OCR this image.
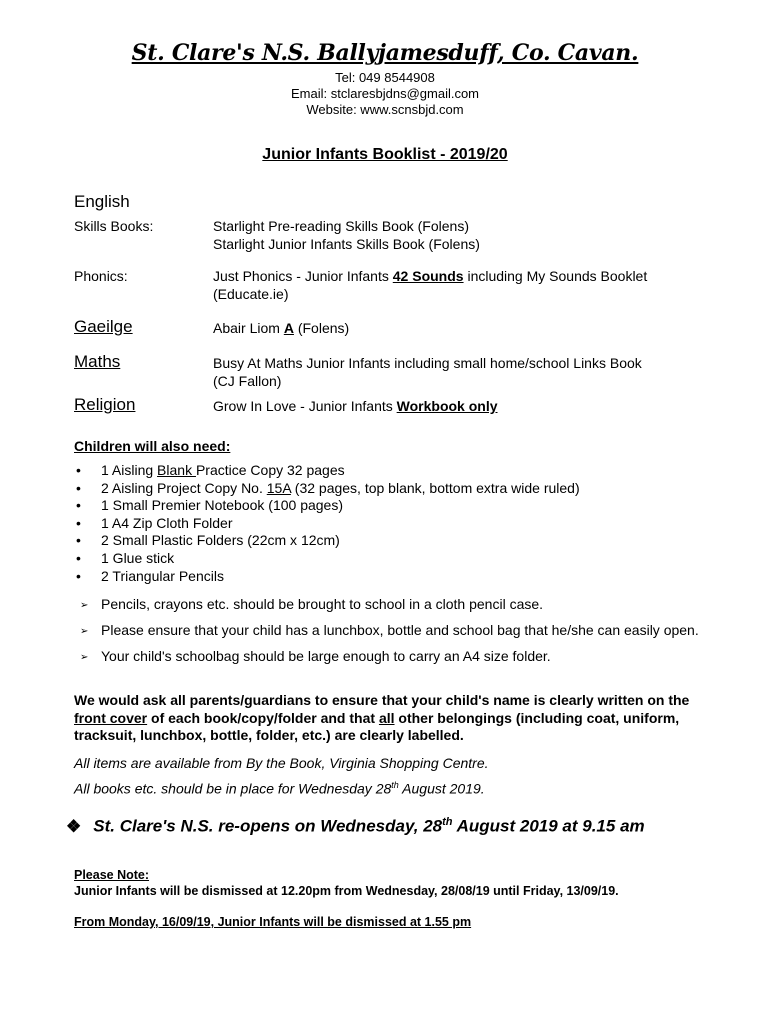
St. Clare's N.S. Ballyjamesduff, Co. Cavan.
Tel: 049 8544908
Email: stclaresbjdns@gmail.com
Website: www.scnsbjd.com
Junior Infants Booklist - 2019/20
English
Skills Books:	Starlight Pre-reading Skills Book (Folens)
Starlight Junior Infants Skills Book (Folens)
Phonics:	Just Phonics - Junior Infants 42 Sounds including My Sounds Booklet
(Educate.ie)
Gaeilge	Abair Liom A (Folens)
Maths	Busy At Maths Junior Infants including small home/school Links Book
(CJ Fallon)
Religion	Grow In Love - Junior Infants Workbook only
Children will also need:
• 1 Aisling Blank Practice Copy 32 pages
• 2 Aisling Project Copy No. 15A (32 pages, top blank, bottom extra wide ruled)
• 1 Small Premier Notebook (100 pages)
• 1 A4 Zip Cloth Folder
• 2 Small Plastic Folders (22cm x 12cm)
• 1 Glue stick
• 2 Triangular Pencils
➢ Pencils, crayons etc. should be brought to school in a cloth pencil case.
➢ Please ensure that your child has a lunchbox, bottle and school bag that he/she can easily open.
➢ Your child's schoolbag should be large enough to carry an A4 size folder.
We would ask all parents/guardians to ensure that your child's name is clearly written on the front cover of each book/copy/folder and that all other belongings (including coat, uniform, tracksuit, lunchbox, bottle, folder, etc.) are clearly labelled.
All items are available from By the Book, Virginia Shopping Centre.
All books etc. should be in place for Wednesday 28th August 2019.
❖ St. Clare's N.S. re-opens on Wednesday, 28th August 2019 at 9.15 am
Please Note:
Junior Infants will be dismissed at 12.20pm from Wednesday, 28/08/19 until Friday, 13/09/19.
From Monday, 16/09/19, Junior Infants will be dismissed at 1.55 pm
